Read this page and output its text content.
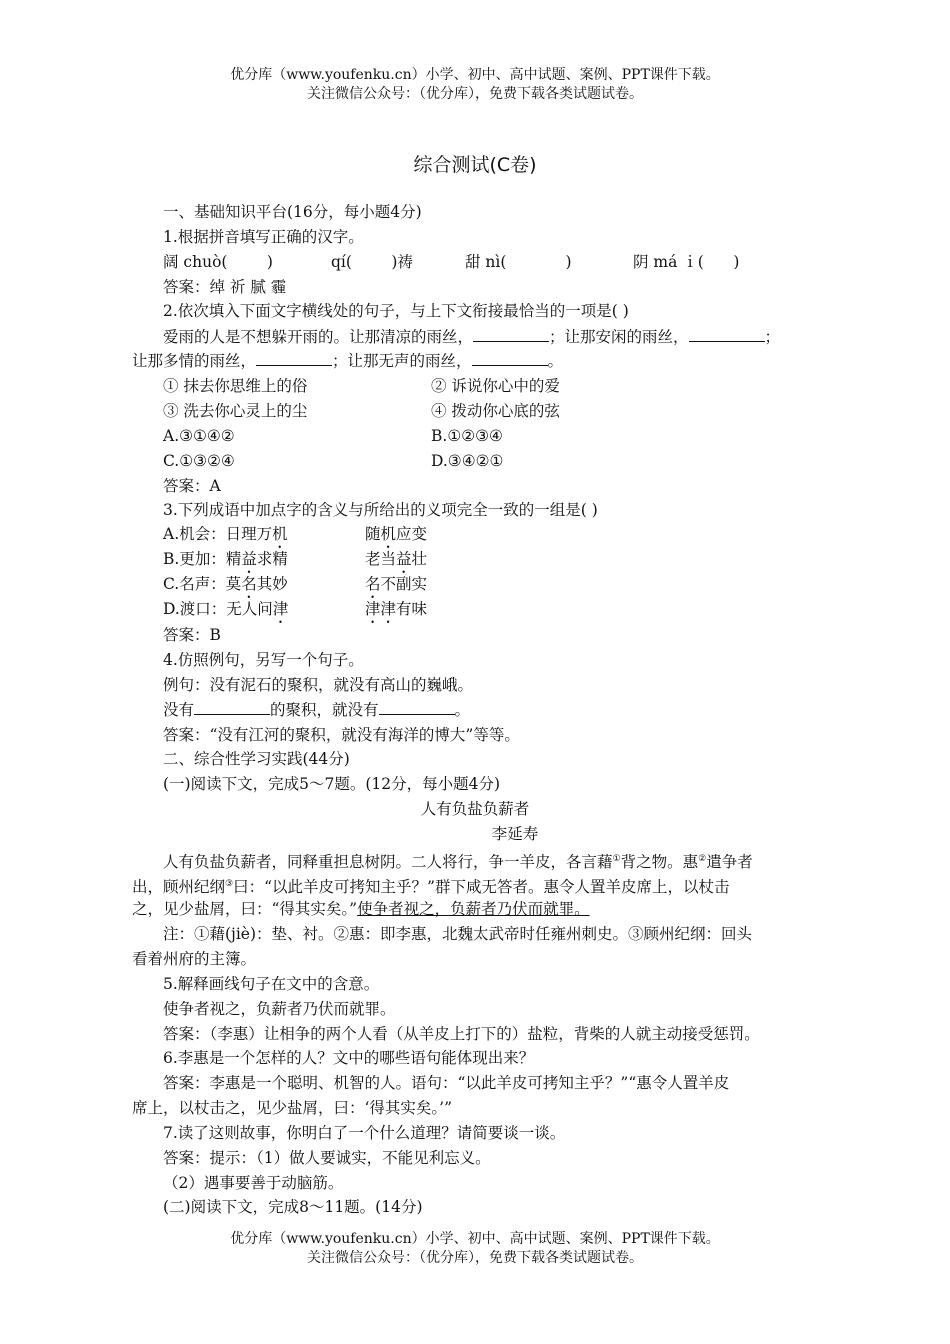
优分库（www.youfenku.cn）小学、初中、高中试题、案例、PPT课件下载。
关注微信公众号：（优分库），免费下载各类试题试卷。
综合测试(C卷)
一、基础知识平台(16分，每小题4分)
1.根据拼音填写正确的汉字。
阔 chuò(        )	qí(        )祷	甜 nì(            )	阴 má ｉ(      )
答案：绰 祈 腻 霾
2.依次填入下面文字横线处的句子，与上下文衔接最恰当的一项是( )
爱雨的人是不想躲开雨的。让那清凉的雨丝，	；让那安闲的雨丝，	；
让那多情的雨丝，	；让那无声的雨丝，	。
① 抹去你思维上的俗	② 诉说你心中的爱
③ 洗去你心灵上的尘	④ 拨动你心底的弦
A.③①④②	B.①②③④
C.①③②④	D.③④②①
答案：A
3.下列成语中加点字的含义与所给出的义项完全一致的一组是( )
A.机会：日理万机	随机应变
B.更加：精益求精	老当益壮
C.名声：莫名其妙	名不副实
D.渡口：无人问津	津津有味
答案：B
4.仿照例句，另写一个句子。
例句：没有泥石的聚积，就没有高山的巍峨。
没有	的聚积，就没有	。
答案：“没有江河的聚积，就没有海洋的博大”等等。
二、综合性学习实践(44分)
(一)阅读下文，完成5～7题。(12分，每小题4分)
人有负盐负薪者
李延寿
人有负盐负薪者，同释重担息树阴。二人将行，争一羊皮，各言藉①背之物。惠②遣争者
出，顾州纪纲③曰：“以此羊皮可拷知主乎？”群下咸无答者。惠令人置羊皮席上，以杖击
之，见少盐屑，曰：“得其实矣。”使争者视之，负薪者乃伏而就罪。
注：①藉(jiè)：垫、衬。②惠：即李惠，北魏太武帝时任雍州刺史。③顾州纪纲：回头
看着州府的主簿。
5.解释画线句子在文中的含意。
使争者视之，负薪者乃伏而就罪。
答案：（李惠）让相争的两个人看（从羊皮上打下的）盐粒，背柴的人就主动接受惩罚。
6.李惠是一个怎样的人？文中的哪些语句能体现出来？
答案：李惠是一个聪明、机智的人。语句：“以此羊皮可拷知主乎？”“惠令人置羊皮
席上，以杖击之，见少盐屑，曰：‘得其实矣。’”
7.读了这则故事，你明白了一个什么道理？请简要谈一谈。
答案：提示：（1）做人要诚实，不能见利忘义。
（2）遇事要善于动脑筋。
(二)阅读下文，完成8～11题。(14分)
优分库（www.youfenku.cn）小学、初中、高中试题、案例、PPT课件下载。
关注微信公众号：（优分库），免费下载各类试题试卷。
